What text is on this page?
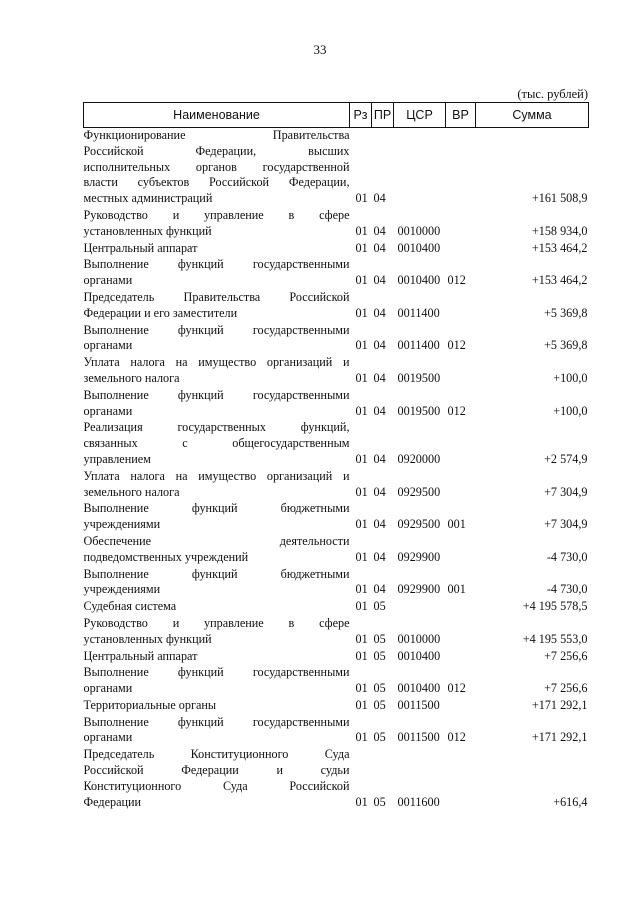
33
(тыс. рублей)
Наименование	Рз	ПР	ЦСР	ВР	Сумма

Функционирование Правительства
Российской Федерации, высших
исполнительных органов государственной
власти субъектов Российской Федерации,
местных администраций	01	04			+161 508,9

Руководство и управление в сфере
установленных функций	01	04	0010000		+158 934,0

Центральный аппарат	01	04	0010400		+153 464,2

Выполнение функций государственными
органами	01	04	0010400	012	+153 464,2

Председатель Правительства Российской
Федерации и его заместители	01	04	0011400		+5 369,8

Выполнение функций государственными
органами	01	04	0011400	012	+5 369,8

Уплата налога на имущество организаций и
земельного налога	01	04	0019500		+100,0

Выполнение функций государственными
органами	01	04	0019500	012	+100,0

Реализация государственных функций,
связанных с общегосударственным
управлением	01	04	0920000		+2 574,9

Уплата налога на имущество организаций и
земельного налога	01	04	0929500		+7 304,9

Выполнение функций бюджетными
учреждениями	01	04	0929500	001	+7 304,9

Обеспечение деятельности
подведомственных учреждений	01	04	0929900		-4 730,0

Выполнение функций бюджетными
учреждениями	01	04	0929900	001	-4 730,0

Судебная система	01	05			+4 195 578,5

Руководство и управление в сфере
установленных функций	01	05	0010000		+4 195 553,0

Центральный аппарат	01	05	0010400		+7 256,6

Выполнение функций государственными
органами	01	05	0010400	012	+7 256,6

Территориальные органы	01	05	0011500		+171 292,1

Выполнение функций государственными
органами	01	05	0011500	012	+171 292,1

Председатель Конституционного Суда
Российской Федерации и судьи
Конституционного Суда Российской
Федерации	01	05	0011600		+616,4
